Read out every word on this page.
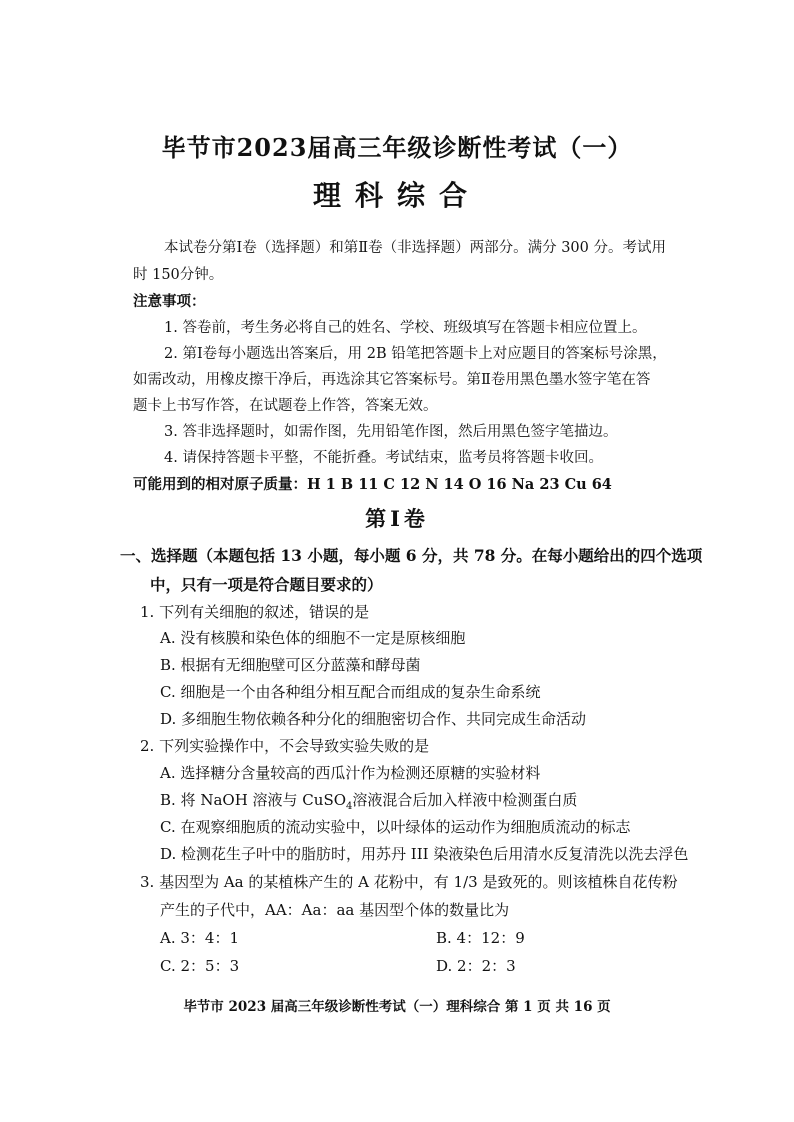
毕节市2023届高三年级诊断性考试（一）
理科综合
本试卷分第Ⅰ卷（选择题）和第Ⅱ卷（非选择题）两部分。满分 300 分。考试用
时 150分钟。
注意事项：
1. 答卷前，考生务必将自己的姓名、学校、班级填写在答题卡相应位置上。
2. 第Ⅰ卷每小题选出答案后，用 2B 铅笔把答题卡上对应题目的答案标号涂黑，
如需改动，用橡皮擦干净后，再选涂其它答案标号。第Ⅱ卷用黑色墨水签字笔在答
题卡上书写作答，在试题卷上作答，答案无效。
3. 答非选择题时，如需作图，先用铅笔作图，然后用黑色签字笔描边。
4. 请保持答题卡平整，不能折叠。考试结束，监考员将答题卡收回。
可能用到的相对原子质量：H 1 B 11 C 12 N 14 O 16 Na 23 Cu 64
第Ⅰ卷
一、选择题（本题包括 13 小题，每小题 6 分，共 78 分。在每小题给出的四个选项
中，只有一项是符合题目要求的）
1. 下列有关细胞的叙述，错误的是
A. 没有核膜和染色体的细胞不一定是原核细胞
B. 根据有无细胞壁可区分蓝藻和酵母菌
C. 细胞是一个由各种组分相互配合而组成的复杂生命系统
D. 多细胞生物依赖各种分化的细胞密切合作、共同完成生命活动
2. 下列实验操作中，不会导致实验失败的是
A. 选择糖分含量较高的西瓜汁作为检测还原糖的实验材料
B. 将 NaOH 溶液与 CuSO$_4$溶液混合后加入样液中检测蛋白质
C. 在观察细胞质的流动实验中，以叶绿体的运动作为细胞质流动的标志
D. 检测花生子叶中的脂肪时，用苏丹 III 染液染色后用清水反复清洗以洗去浮色
3. 基因型为 Aa 的某植株产生的 A 花粉中，有 1/3 是致死的。则该植株自花传粉
产生的子代中，AA：Aa：aa 基因型个体的数量比为
A. 3：4：1	B. 4：12：9
C. 2：5：3	D. 2：2：3
毕节市 2023 届高三年级诊断性考试（一）理科综合 第 1 页 共 16 页
